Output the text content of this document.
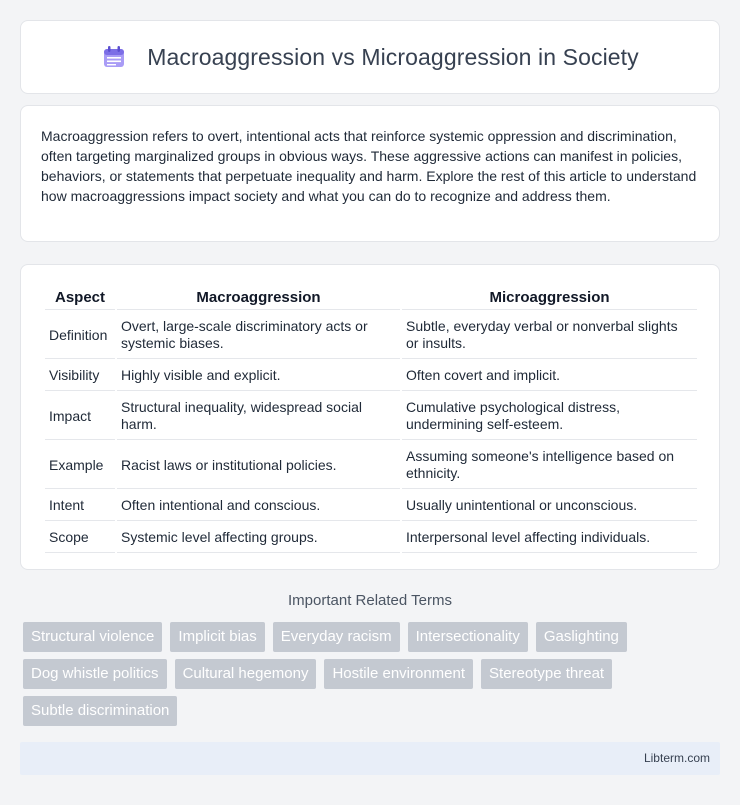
Macroaggression vs Microaggression in Society

Macroaggression refers to overt, intentional acts that reinforce systemic oppression and discrimination, often targeting marginalized groups in obvious ways. These aggressive actions can manifest in policies, behaviors, or statements that perpetuate inequality and harm. Explore the rest of this article to understand how macroaggressions impact society and what you can do to recognize and address them.

Aspect	Macroaggression	Microaggression
Definition	Overt, large-scale discriminatory acts or systemic biases.	Subtle, everyday verbal or nonverbal slights or insults.
Visibility	Highly visible and explicit.	Often covert and implicit.
Impact	Structural inequality, widespread social harm.	Cumulative psychological distress, undermining self-esteem.
Example	Racist laws or institutional policies.	Assuming someone's intelligence based on ethnicity.
Intent	Often intentional and conscious.	Usually unintentional or unconscious.
Scope	Systemic level affecting groups.	Interpersonal level affecting individuals.
Important Related Terms
Structural violence	Implicit bias	Everyday racism	Intersectionality	Gaslighting
Dog whistle politics	Cultural hegemony	Hostile environment	Stereotype threat
Subtle discrimination
Libterm.com
